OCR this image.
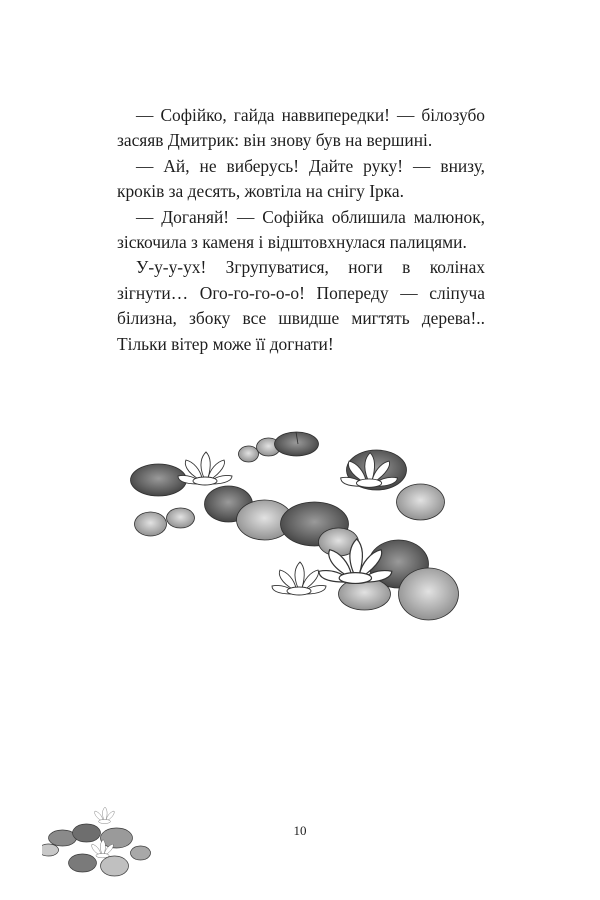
— Софійко, гайда наввипередки! — білозубо засяяв Дмитрик: він знову був на вершині.

— Ай, не виберусь! Дайте руку! — внизу, кроків за десять, жовтіла на снігу Ірка.

— Доганяй! — Софійка облишила малюнок, зіскочила з каменя і відштовхнулася палицями.

У-у-у-ух! Згрупуватися, ноги в колінах зігнути… Ого-го-го-о-о! Попереду — сліпуча білизна, збоку все швидше мигтять дерева!.. Тільки вітер може її догнати!

10
